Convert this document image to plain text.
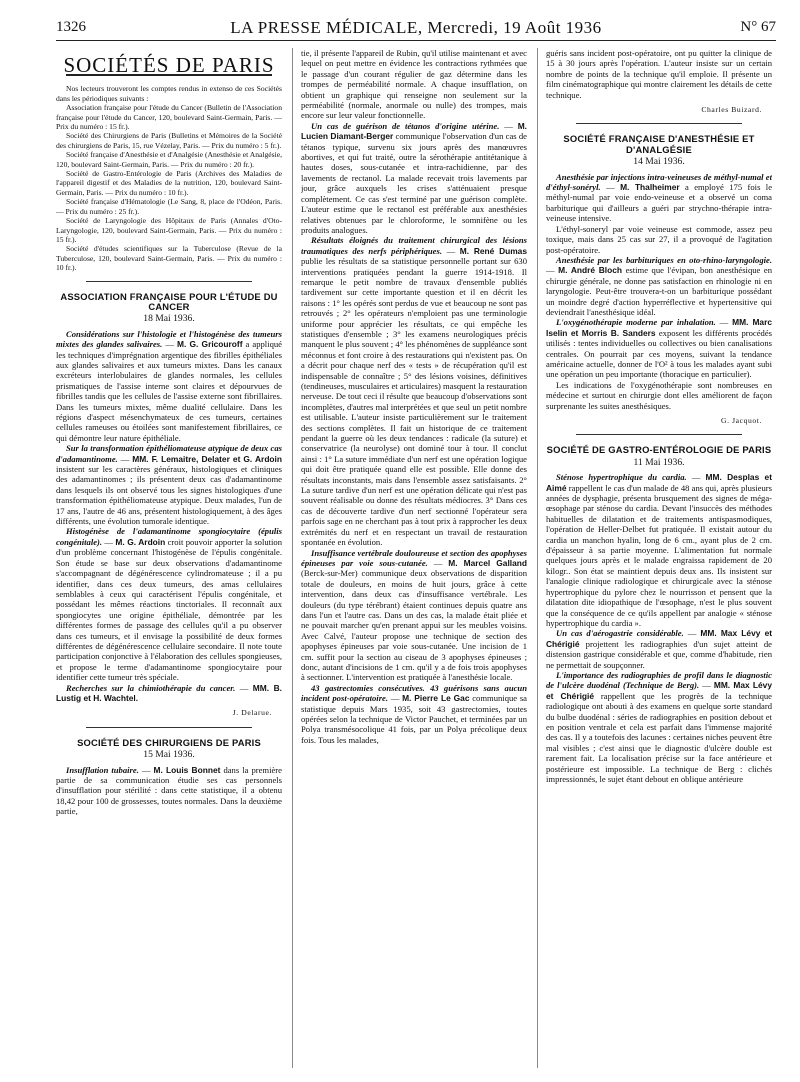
1326	LA PRESSE MÉDICALE, Mercredi, 19 Août 1936	N° 67
SOCIÉTÉS DE PARIS

Nos lecteurs trouveront les comptes rendus in extenso de ces Sociétés dans les périodiques suivants :

Association française pour l'étude du Cancer (Bulletin de l'Association française pour l'étude du Cancer, 120, boulevard Saint-Germain, Paris. — Prix du numéro : 15 fr.).

Société des Chirurgiens de Paris (Bulletins et Mémoires de la Société des chirurgiens de Paris, 15, rue Vézelay, Paris. — Prix du numéro : 5 fr.).

Société française d'Anesthésie et d'Analgésie (Anesthésie et Analgésie, 120, boulevard Saint-Germain, Paris. — Prix du numéro : 20 fr.).

Société de Gastro-Entérologie de Paris (Archives des Maladies de l'appareil digestif et des Maladies de la nutrition, 120, boulevard Saint-Germain, Paris. — Prix du numéro : 10 fr.).

Société française d'Hématologie (Le Sang, 8, place de l'Odéon, Paris. — Prix du numéro : 25 fr.).

Société de Laryngologie des Hôpitaux de Paris (Annales d'Oto-Laryngologie, 120, boulevard Saint-Germain, Paris. — Prix du numéro : 15 fr.).

Société d'études scientifiques sur la Tuberculose (Revue de la Tuberculose, 120, boulevard Saint-Germain, Paris. — Prix du numéro : 10 fr.).

ASSOCIATION FRANÇAISE POUR L'ÉTUDE DU CANCER
18 Mai 1936.

Considérations sur l'histologie et l'histogénèse des tumeurs mixtes des glandes salivaires. — M. G. Gricouroff a appliqué les techniques d'imprégnation argentique des fibrilles épithéliales aux glandes salivaires et aux tumeurs mixtes. Dans les canaux excréteurs interlobulaires de glandes normales, les cellules prismatiques de l'assise interne sont claires et dépourvues de fibrilles tandis que les cellules de l'assise externe sont fibrillaires. Dans les tumeurs mixtes, même dualité cellulaire. Dans les régions d'aspect mésenchymateux de ces tumeurs, certaines cellules rameuses ou étoilées sont manifestement fibrillaires, ce qui démontre leur nature épithéliale.

Sur la transformation épithéliomateuse atypique de deux cas d'adamantinome. — MM. F. Lemaitre, Delater et G. Ardoin insistent sur les caractères généraux, histologiques et cliniques des adamantinomes ; ils présentent deux cas d'adamantinome dans lesquels ils ont observé tous les signes histologiques d'une transformation épithéliomateuse atypique. Deux malades, l'un de 17 ans, l'autre de 46 ans, présentent histologiquement, à des âges différents, une évolution tumorale identique.

Histogénèse de l'adamantinome spongiocytaire (épulis congénitale). — M. G. Ardoin croit pouvoir apporter la solution d'un problème concernant l'histogénèse de l'épulis congénitale. Son étude se base sur deux observations d'adamantinome s'accompagnant de dégénérescence cylindromateuse ; il a pu identifier, dans ces deux tumeurs, des amas cellulaires semblables à ceux qui caractérisent l'épulis congénitale, et possédant les mêmes réactions tinctoriales. Il reconnaît aux spongiocytes une origine épithéliale, démontrée par les différentes formes de passage des cellules qu'il a pu observer dans ces tumeurs, et il envisage la possibilité de deux formes différentes de dégénérescence cellulaire secondaire. Il note toute participation conjonctive à l'élaboration des cellules spongieuses, et propose le terme d'adamantinome spongiocytaire pour identifier cette tumeur très spéciale.

Recherches sur la chimiothérapie du cancer. — MM. B. Lustig et H. Wachtel.

J. Delarue.
SOCIÉTÉ DES CHIRURGIENS DE PARIS
15 Mai 1936.

Insufflation tubaire. — M. Louis Bonnet dans la première partie de sa communication étudie ses cas personnels d'insufflation pour stérilité : dans cette statistique, il a obtenu 18,42 pour 100 de grossesses, toutes normales. Dans la deuxième partie,

tie, il présente l'appareil de Rubin, qu'il utilise maintenant et avec lequel on peut mettre en évidence les contractions rythmées que le passage d'un courant régulier de gaz détermine dans les trompes de perméabilité normale. A chaque insufflation, on obtient un graphique qui renseigne non seulement sur la perméabilité (normale, anormale ou nulle) des trompes, mais encore sur leur valeur fonctionnelle.

Un cas de guérison de tétanos d'origine utérine. — M. Lucien Diamant-Berger communique l'observation d'un cas de tétanos typique, survenu six jours après des manœuvres abortives, et qui fut traité, outre la sérothérapie antitétanique à hautes doses, sous-cutanée et intra-rachidienne, par des lavements de rectanol. La malade recevait trois lavements par jour, grâce auxquels les crises s'atténuaient presque complètement. Ce cas s'est terminé par une guérison complète. L'auteur estime que le rectanol est préférable aux anesthésies relatives obtenues par le chloroforme, le somnifène ou les produits analogues.

Résultats éloignés du traitement chirurgical des lésions traumatiques des nerfs périphériques. — M. René Dumas publie les résultats de sa statistique personnelle portant sur 630 interventions pratiquées pendant la guerre 1914-1918. Il remarque le petit nombre de travaux d'ensemble publiés tardivement sur cette importante question et il en décrit les raisons : 1° les opérés sont perdus de vue et beaucoup ne sont pas retrouvés ; 2° les opérateurs n'emploient pas une terminologie uniforme pour apprécier les résultats, ce qui empêche les statistiques d'ensemble ; 3° les examens neurologiques précis manquent le plus souvent ; 4° les phénomènes de suppléance sont méconnus et font croire à des restaurations qui n'existent pas. On a décrit pour chaque nerf des « tests » de récupération qu'il est indispensable de connaître ; 5° des lésions voisines, définitives (tendineuses, musculaires et articulaires) masquent la restauration nerveuse. De tout ceci il résulte que beaucoup d'observations sont incomplètes, d'autres mal interprétées et que seul un petit nombre est utilisable. L'auteur insiste particulièrement sur le traitement des sections complètes. Il fait un historique de ce traitement pendant la guerre où les deux tendances : radicale (la suture) et conservatrice (la neurolyse) ont dominé tour à tour. Il conclut ainsi : 1° La suture immédiate d'un nerf est une opération logique qui doit être pratiquée quand elle est possible. Elle donne des résultats inconstants, mais dans l'ensemble assez satisfaisants. 2° La suture tardive d'un nerf est une opération délicate qui n'est pas souvent réalisable ou donne des résultats médiocres. 3° Dans ces cas de découverte tardive d'un nerf sectionné l'opérateur sera parfois sage en ne cherchant pas à tout prix à rapprocher les deux extrémités du nerf et en respectant un travail de restauration spontanée en évolution.

Insuffisance vertébrale douloureuse et section des apophyses épineuses par voie sous-cutanée. — M. Marcel Galland (Berck-sur-Mer) communique deux observations de disparition totale de douleurs, en moins de huit jours, grâce à cette intervention, dans deux cas d'insuffisance vertébrale. Les douleurs (du type térébrant) étaient continues depuis quatre ans dans l'un et l'autre cas. Dans un des cas, la malade était pliée et ne pouvait marcher qu'en prenant appui sur les meubles voisins. Avec Calvé, l'auteur propose une technique de section des apophyses épineuses par voie sous-cutanée. Une incision de 1 cm. suffit pour la section au ciseau de 3 apophyses épineuses ; donc, autant d'incisions de 1 cm. qu'il y a de fois trois apophyses à sectionner. L'intervention est pratiquée à l'anesthésie locale.

43 gastrectomies consécutives. 43 guérisons sans aucun incident post-opératoire. — M. Pierre Le Gac communique sa statistique depuis Mars 1935, soit 43 gastrectomies, toutes opérées selon la technique de Victor Pauchet, et terminées par un Polya transmésocolique 41 fois, par un Polya précolique deux fois. Tous les malades,

guéris sans incident post-opératoire, ont pu quitter la clinique de 15 à 30 jours après l'opération. L'auteur insiste sur un certain nombre de points de la technique qu'il emploie. Il présente un film cinématographique qui montre clairement les détails de cette technique.

Charles Buizard.
SOCIÉTÉ FRANÇAISE D'ANESTHÉSIE ET D'ANALGÉSIE
14 Mai 1936.

Anesthésie par injections intra-veineuses de méthyl-numal et d'éthyl-sonéryl. — M. Thalheimer a employé 175 fois le méthyl-numal par voie endo-veineuse et a observé un coma barbiturique qui d'ailleurs a guéri par strychno-thérapie intra-veineuse intensive.

L'éthyl-soneryl par voie veineuse est commode, assez peu toxique, mais dans 25 cas sur 27, il a provoqué de l'agitation post-opératoire.

Anesthésie par les barbituriques en oto-rhino-laryngologie. — M. André Bloch estime que l'évipan, bon anesthésique en chirurgie générale, ne donne pas satisfaction en rhinologie ni en laryngologie. Peut-être trouvera-t-on un barbiturique possédant un moindre degré d'action hyperréflective et hypertensitive qui deviendrait l'anesthésique idéal.

L'oxygénothérapie moderne par inhalation. — MM. Marc Iselin et Morris B. Sanders exposent les différents procédés utilisés : tentes individuelles ou collectives ou bien canalisations centrales. On pourrait par ces moyens, suivant la tendance américaine actuelle, donner de l'O² à tous les malades ayant subi une opération un peu importante (thoracique en particulier).

Les indications de l'oxygénothérapie sont nombreuses en médecine et surtout en chirurgie dont elles améliorent de façon surprenante les suites anesthésiques.

G. Jacquot.
SOCIÉTÉ DE GASTRO-ENTÉROLOGIE DE PARIS
11 Mai 1936.

Sténose hypertrophique du cardia. — MM. Desplas et Aimé rappellent le cas d'un malade de 48 ans qui, après plusieurs années de dysphagie, présenta brusquement des signes de méga-œsophage par sténose du cardia. Devant l'insuccès des méthodes habituelles de dilatation et de traitements antispasmodiques, l'opération de Heller-Delbet fut pratiquée. Il existait autour du cardia un manchon hyalin, long de 6 cm., ayant plus de 2 cm. d'épaisseur à sa partie moyenne. L'alimentation fut normale quelques jours après et le malade engraissa rapidement de 20 kilogr.. Son état se maintient depuis deux ans. Ils insistent sur l'analogie clinique radiologique et chirurgicale avec la sténose hypertrophique du pylore chez le nourrisson et pensent que la dilatation dite idiopathique de l'œsophage, n'est le plus souvent que la conséquence de ce qu'ils appellent par analogie « sténose hypertrophique du cardia ».

Un cas d'aérogastrie considérable. — MM. Max Lévy et Chérigié projettent les radiographies d'un sujet atteint de distension gastrique considérable et que, comme d'habitude, rien ne permettait de soupçonner.

L'importance des radiographies de profil dans le diagnostic de l'ulcère duodénal (Technique de Berg). — MM. Max Lévy et Chérigié rappellent que les progrès de la technique radiologique ont abouti à des examens en quelque sorte standard du bulbe duodénal : séries de radiographies en position debout et en position ventrale et cela est parfait dans l'immense majorité des cas. Il y a toutefois des lacunes : certaines niches peuvent être mal visibles ; c'est ainsi que le diagnostic d'ulcère double est rarement fait. La localisation précise sur la face antérieure et postérieure est impossible. La technique de Berg : clichés impressionnés, le sujet étant debout en oblique antérieure
